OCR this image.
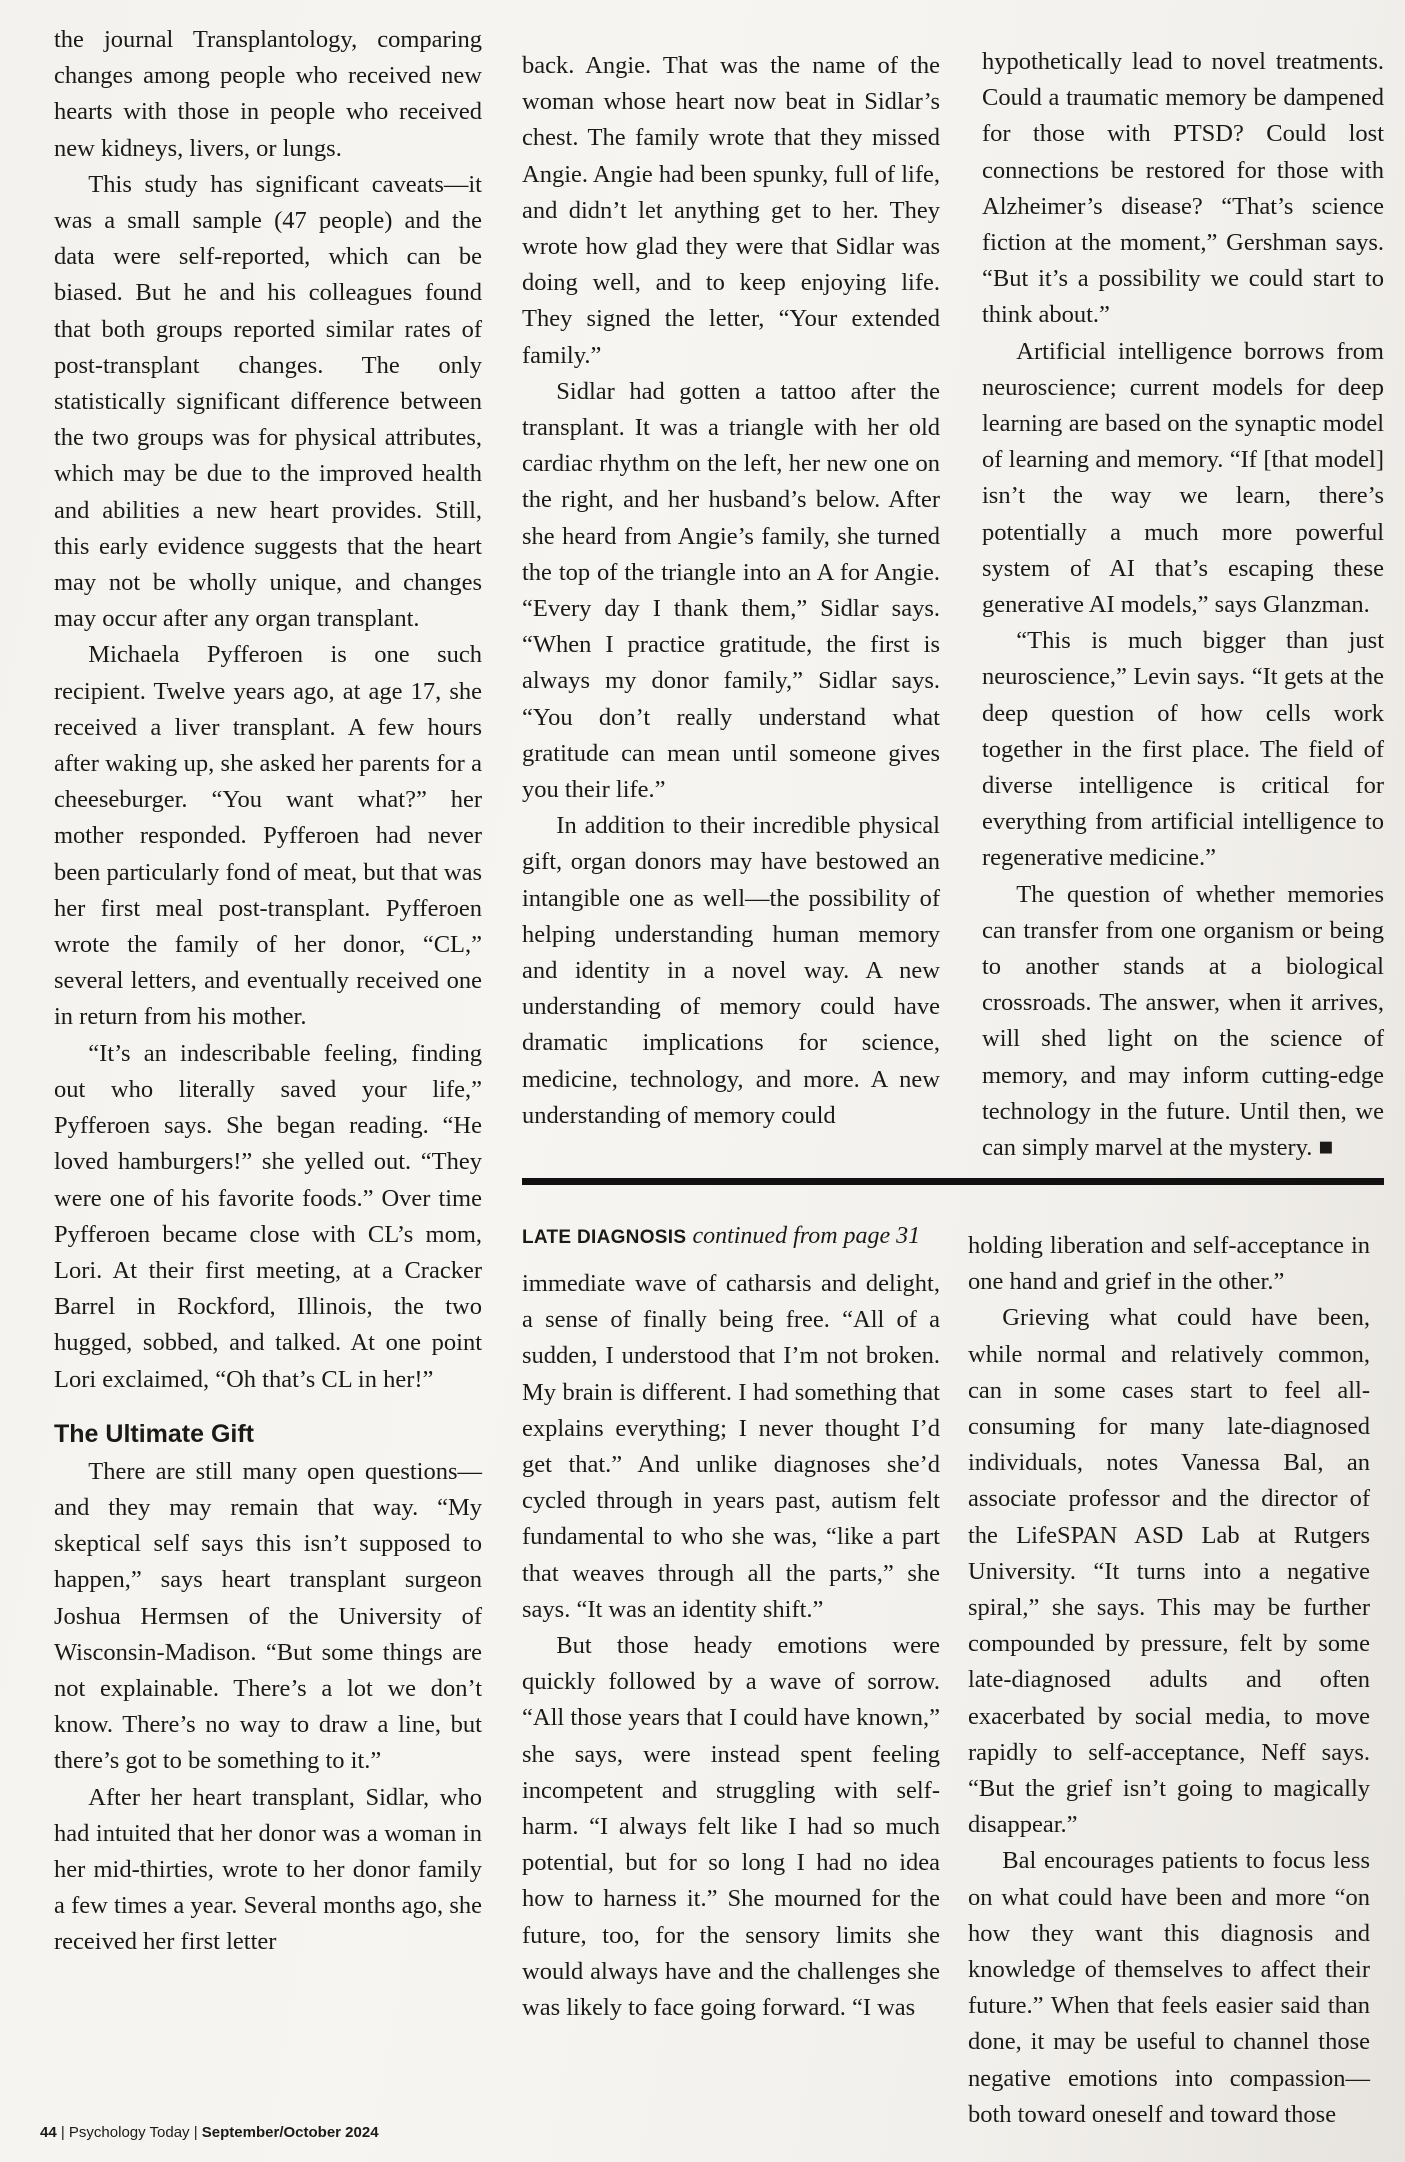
the journal Transplantology, comparing changes among people who received new hearts with those in people who received new kidneys, livers, or lungs.

This study has significant caveats—it was a small sample (47 people) and the data were self-reported, which can be biased. But he and his colleagues found that both groups reported similar rates of post-transplant changes. The only statistically significant difference between the two groups was for physical attributes, which may be due to the improved health and abilities a new heart provides. Still, this early evidence suggests that the heart may not be wholly unique, and changes may occur after any organ transplant.

Michaela Pyfferoen is one such recipient. Twelve years ago, at age 17, she received a liver transplant. A few hours after waking up, she asked her parents for a cheeseburger. “You want what?” her mother responded. Pyfferoen had never been particularly fond of meat, but that was her first meal post-transplant. Pyfferoen wrote the family of her donor, “CL,” several letters, and eventually received one in return from his mother.

“It’s an indescribable feeling, finding out who literally saved your life,” Pyfferoen says. She began reading. “He loved hamburgers!” she yelled out. “They were one of his favorite foods.” Over time Pyfferoen became close with CL’s mom, Lori. At their first meeting, at a Cracker Barrel in Rockford, Illinois, the two hugged, sobbed, and talked. At one point Lori exclaimed, “Oh that’s CL in her!”

The Ultimate Gift

There are still many open questions—and they may remain that way. “My skeptical self says this isn’t supposed to happen,” says heart transplant surgeon Joshua Hermsen of the University of Wisconsin-Madison. “But some things are not explainable. There’s a lot we don’t know. There’s no way to draw a line, but there’s got to be something to it.”

After her heart transplant, Sidlar, who had intuited that her donor was a woman in her mid-thirties, wrote to her donor family a few times a year. Several months ago, she received her first letter

back. Angie. That was the name of the woman whose heart now beat in Sidlar’s chest. The family wrote that they missed Angie. Angie had been spunky, full of life, and didn’t let anything get to her. They wrote how glad they were that Sidlar was doing well, and to keep enjoying life. They signed the letter, “Your extended family.”

Sidlar had gotten a tattoo after the transplant. It was a triangle with her old cardiac rhythm on the left, her new one on the right, and her husband’s below. After she heard from Angie’s family, she turned the top of the triangle into an A for Angie. “Every day I thank them,” Sidlar says. “When I practice gratitude, the first is always my donor family,” Sidlar says. “You don’t really understand what gratitude can mean until someone gives you their life.”

In addition to their incredible physical gift, organ donors may have bestowed an intangible one as well—the possibility of helping understanding human memory and identity in a novel way. A new understanding of memory could have dramatic implications for science, medicine, technology, and more. A new understanding of memory could

hypothetically lead to novel treatments. Could a traumatic memory be dampened for those with PTSD? Could lost connections be restored for those with Alzheimer’s disease? “That’s science fiction at the moment,” Gershman says. “But it’s a possibility we could start to think about.”

Artificial intelligence borrows from neuroscience; current models for deep learning are based on the synaptic model of learning and memory. “If [that model] isn’t the way we learn, there’s potentially a much more powerful system of AI that’s escaping these generative AI models,” says Glanzman.

“This is much bigger than just neuroscience,” Levin says. “It gets at the deep question of how cells work together in the first place. The field of diverse intelligence is critical for everything from artificial intelligence to regenerative medicine.”

The question of whether memories can transfer from one organism or being to another stands at a biological crossroads. The answer, when it arrives, will shed light on the science of memory, and may inform cutting-edge technology in the future. Until then, we can simply marvel at the mystery. ■

LATE DIAGNOSIS continued from page 31

immediate wave of catharsis and delight, a sense of finally being free. “All of a sudden, I understood that I’m not broken. My brain is different. I had something that explains everything; I never thought I’d get that.” And unlike diagnoses she’d cycled through in years past, autism felt fundamental to who she was, “like a part that weaves through all the parts,” she says. “It was an identity shift.”

But those heady emotions were quickly followed by a wave of sorrow. “All those years that I could have known,” she says, were instead spent feeling incompetent and struggling with self-harm. “I always felt like I had so much potential, but for so long I had no idea how to harness it.” She mourned for the future, too, for the sensory limits she would always have and the challenges she was likely to face going forward. “I was

holding liberation and self-acceptance in one hand and grief in the other.”

Grieving what could have been, while normal and relatively common, can in some cases start to feel all-consuming for many late-diagnosed individuals, notes Vanessa Bal, an associate professor and the director of the LifeSPAN ASD Lab at Rutgers University. “It turns into a negative spiral,” she says. This may be further compounded by pressure, felt by some late-diagnosed adults and often exacerbated by social media, to move rapidly to self-acceptance, Neff says. “But the grief isn’t going to magically disappear.”

Bal encourages patients to focus less on what could have been and more “on how they want this diagnosis and knowledge of themselves to affect their future.” When that feels easier said than done, it may be useful to channel those negative emotions into compassion—both toward oneself and toward those

44 | Psychology Today | September/October 2024
